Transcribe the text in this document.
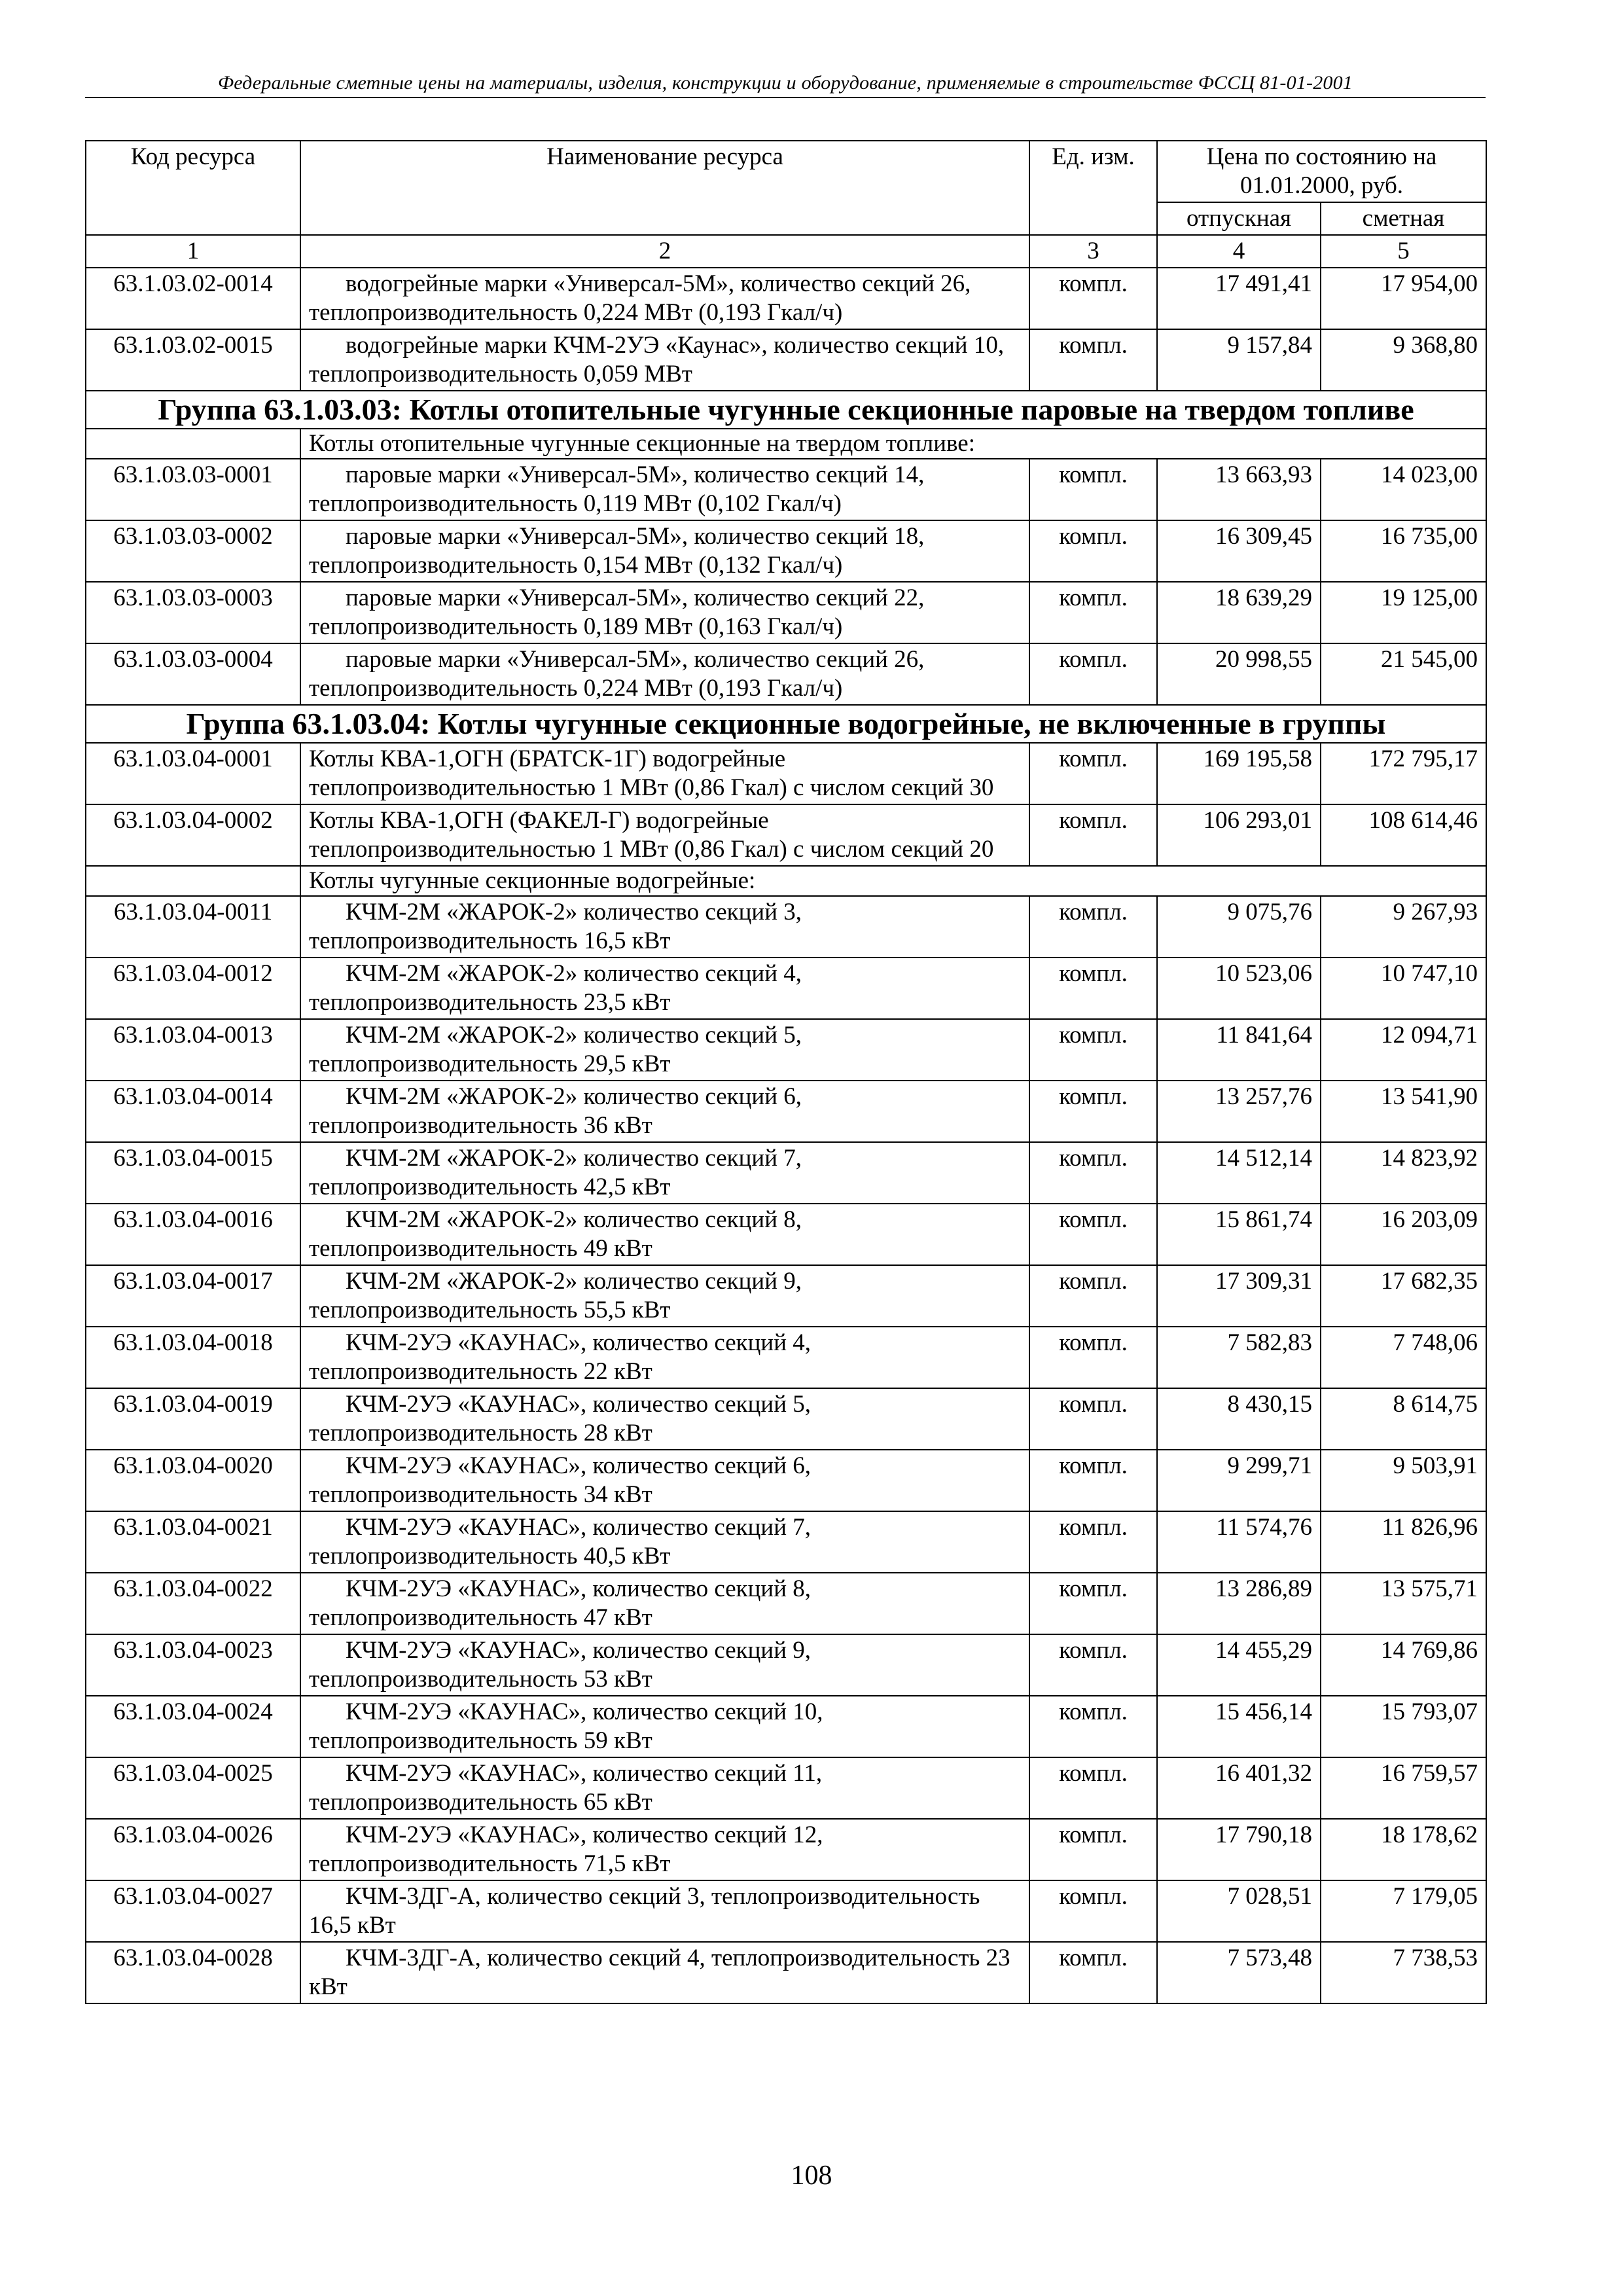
Федеральные сметные цены на материалы, изделия, конструкции и оборудование, применяемые в строительстве ФССЦ 81-01-2001
Код ресурса	Наименование ресурса	Ед. изм.	Цена по состоянию на 01.01.2000, руб.	
			отпускная	сметная
1	2	3	4	5
63.1.03.02-0014	водогрейные марки «Универсал-5М», количество секций 26, теплопроизводительность 0,224 МВт (0,193 Гкал/ч)	компл.	17 491,41	17 954,00
63.1.03.02-0015	водогрейные марки КЧМ-2УЭ «Каунас», количество секций 10, теплопроизводительность 0,059 МВт	компл.	9 157,84	9 368,80
Группа 63.1.03.03: Котлы отопительные чугунные секционные паровые на твердом топливе				
	Котлы отопительные чугунные секционные на твердом топливе:			
63.1.03.03-0001	паровые марки «Универсал-5М», количество секций 14, теплопроизводительность 0,119 МВт (0,102 Гкал/ч)	компл.	13 663,93	14 023,00
63.1.03.03-0002	паровые марки «Универсал-5М», количество секций 18, теплопроизводительность 0,154 МВт (0,132 Гкал/ч)	компл.	16 309,45	16 735,00
63.1.03.03-0003	паровые марки «Универсал-5М», количество секций 22, теплопроизводительность 0,189 МВт (0,163 Гкал/ч)	компл.	18 639,29	19 125,00
63.1.03.03-0004	паровые марки «Универсал-5М», количество секций 26, теплопроизводительность 0,224 МВт (0,193 Гкал/ч)	компл.	20 998,55	21 545,00
Группа 63.1.03.04: Котлы чугунные секционные водогрейные, не включенные в группы				
63.1.03.04-0001	Котлы КВА-1,ОГН (БРАТСК-1Г) водогрейные теплопроизводительностью 1 МВт (0,86 Гкал) с числом секций 30	компл.	169 195,58	172 795,17
63.1.03.04-0002	Котлы КВА-1,ОГН (ФАКЕЛ-Г) водогрейные теплопроизводительностью 1 МВт (0,86 Гкал) с числом секций 20	компл.	106 293,01	108 614,46
	Котлы чугунные секционные водогрейные:			
63.1.03.04-0011	КЧМ-2М «ЖАРОК-2» количество секций 3, теплопроизводительность 16,5 кВт	компл.	9 075,76	9 267,93
63.1.03.04-0012	КЧМ-2М «ЖАРОК-2» количество секций 4, теплопроизводительность 23,5 кВт	компл.	10 523,06	10 747,10
63.1.03.04-0013	КЧМ-2М «ЖАРОК-2» количество секций 5, теплопроизводительность 29,5 кВт	компл.	11 841,64	12 094,71
63.1.03.04-0014	КЧМ-2М «ЖАРОК-2» количество секций 6, теплопроизводительность 36 кВт	компл.	13 257,76	13 541,90
63.1.03.04-0015	КЧМ-2М «ЖАРОК-2» количество секций 7, теплопроизводительность 42,5 кВт	компл.	14 512,14	14 823,92
63.1.03.04-0016	КЧМ-2М «ЖАРОК-2» количество секций 8, теплопроизводительность 49 кВт	компл.	15 861,74	16 203,09
63.1.03.04-0017	КЧМ-2М «ЖАРОК-2» количество секций 9, теплопроизводительность 55,5 кВт	компл.	17 309,31	17 682,35
63.1.03.04-0018	КЧМ-2УЭ «КАУНАС», количество секций 4, теплопроизводительность 22 кВт	компл.	7 582,83	7 748,06
63.1.03.04-0019	КЧМ-2УЭ «КАУНАС», количество секций 5, теплопроизводительность 28 кВт	компл.	8 430,15	8 614,75
63.1.03.04-0020	КЧМ-2УЭ «КАУНАС», количество секций 6, теплопроизводительность 34 кВт	компл.	9 299,71	9 503,91
63.1.03.04-0021	КЧМ-2УЭ «КАУНАС», количество секций 7, теплопроизводительность 40,5 кВт	компл.	11 574,76	11 826,96
63.1.03.04-0022	КЧМ-2УЭ «КАУНАС», количество секций 8, теплопроизводительность 47 кВт	компл.	13 286,89	13 575,71
63.1.03.04-0023	КЧМ-2УЭ «КАУНАС», количество секций 9, теплопроизводительность 53 кВт	компл.	14 455,29	14 769,86
63.1.03.04-0024	КЧМ-2УЭ «КАУНАС», количество секций 10, теплопроизводительность 59 кВт	компл.	15 456,14	15 793,07
63.1.03.04-0025	КЧМ-2УЭ «КАУНАС», количество секций 11, теплопроизводительность 65 кВт	компл.	16 401,32	16 759,57
63.1.03.04-0026	КЧМ-2УЭ «КАУНАС», количество секций 12, теплопроизводительность 71,5 кВт	компл.	17 790,18	18 178,62
63.1.03.04-0027	КЧМ-3ДГ-А, количество секций 3, теплопроизводительность 16,5 кВт	компл.	7 028,51	7 179,05
63.1.03.04-0028	КЧМ-3ДГ-А, количество секций 4, теплопроизводительность 23 кВт	компл.	7 573,48	7 738,53
108
